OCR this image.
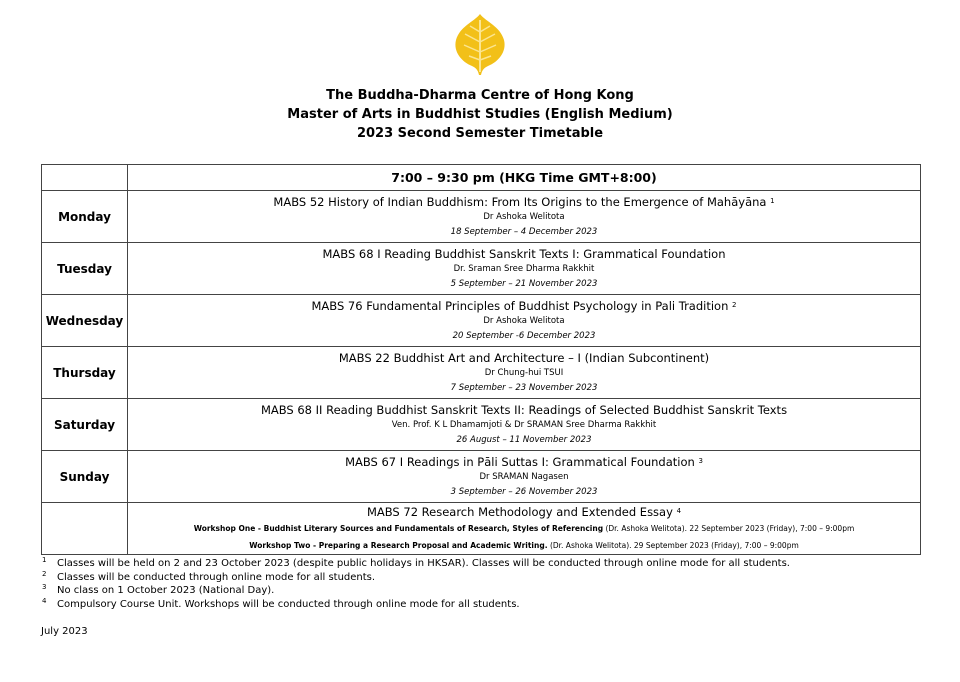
The Buddha-Dharma Centre of Hong Kong
Master of Arts in Buddhist Studies (English Medium)
2023 Second Semester Timetable
	7:00 – 9:30 pm (HKG Time GMT+8:00)
Monday	MABS 52 History of Indian Buddhism: From Its Origins to the Emergence of Mahāyāna $^1$
Dr Ashoka Welitota
18 September – 4 December 2023

Tuesday	MABS 68 I Reading Buddhist Sanskrit Texts I: Grammatical Foundation
Dr. Sraman Sree Dharma Rakkhit
5 September – 21 November 2023

Wednesday	MABS 76 Fundamental Principles of Buddhist Psychology in Pali Tradition $^2$
Dr Ashoka Welitota
20 September -6 December 2023

Thursday	MABS 22 Buddhist Art and Architecture – I (Indian Subcontinent)
Dr Chung-hui TSUI
7 September – 23 November 2023

Saturday	MABS 68 II Reading Buddhist Sanskrit Texts II: Readings of Selected Buddhist Sanskrit Texts
Ven. Prof. K L Dhamamjoti & Dr SRAMAN Sree Dharma Rakkhit
26 August – 11 November 2023

Sunday	MABS 67 I Readings in Pāli Suttas I: Grammatical Foundation $^3$
Dr SRAMAN Nagasen
3 September – 26 November 2023

	MABS 72 Research Methodology and Extended Essay $^4$
Workshop One - Buddhist Literary Sources and Fundamentals of Research, Styles of Referencing (Dr. Ashoka Welitota). 22 September 2023 (Friday), 7:00 – 9:00pm
Workshop Two - Preparing a Research Proposal and Academic Writing. (Dr. Ashoka Welitota). 29 September 2023 (Friday), 7:00 – 9:00pm
1 Classes will be held on 2 and 23 October 2023 (despite public holidays in HKSAR). Classes will be conducted through online mode for all students.
2 Classes will be conducted through online mode for all students.
3 No class on 1 October 2023 (National Day).
4 Compulsory Course Unit. Workshops will be conducted through online mode for all students.
July 2023
